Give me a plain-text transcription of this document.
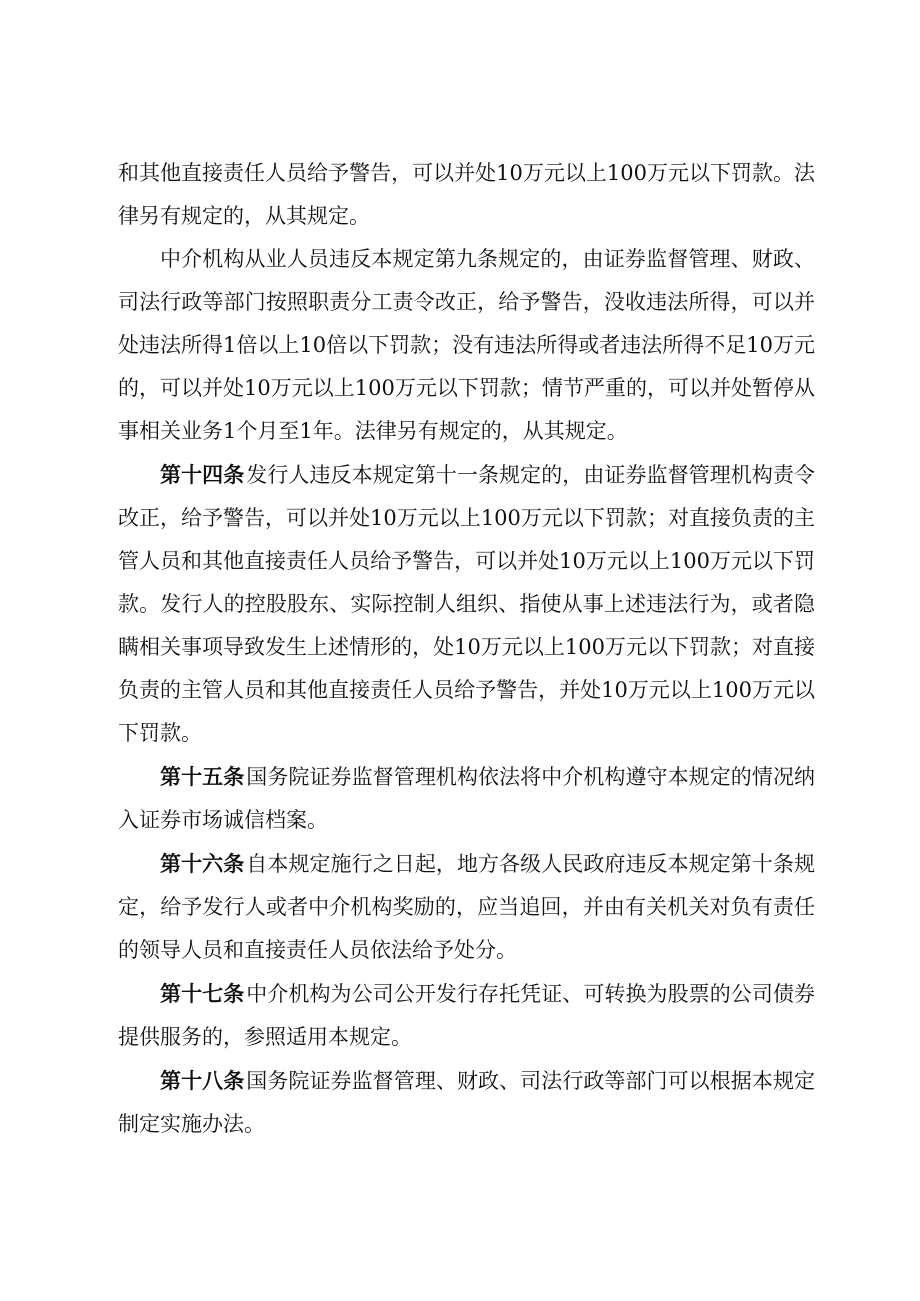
和其他直接责任人员给予警告，可以并处10万元以上100万元以下罚款。法律另有规定的，从其规定。

中介机构从业人员违反本规定第九条规定的，由证券监督管理、财政、司法行政等部门按照职责分工责令改正，给予警告，没收违法所得，可以并处违法所得1倍以上10倍以下罚款；没有违法所得或者违法所得不足10万元的，可以并处10万元以上100万元以下罚款；情节严重的，可以并处暂停从事相关业务1个月至1年。法律另有规定的，从其规定。

第十四条发行人违反本规定第十一条规定的，由证券监督管理机构责令改正，给予警告，可以并处10万元以上100万元以下罚款；对直接负责的主管人员和其他直接责任人员给予警告，可以并处10万元以上100万元以下罚款。发行人的控股股东、实际控制人组织、指使从事上述违法行为，或者隐瞒相关事项导致发生上述情形的，处10万元以上100万元以下罚款；对直接负责的主管人员和其他直接责任人员给予警告，并处10万元以上100万元以下罚款。

第十五条国务院证券监督管理机构依法将中介机构遵守本规定的情况纳入证券市场诚信档案。

第十六条自本规定施行之日起，地方各级人民政府违反本规定第十条规定，给予发行人或者中介机构奖励的，应当追回，并由有关机关对负有责任的领导人员和直接责任人员依法给予处分。

第十七条中介机构为公司公开发行存托凭证、可转换为股票的公司债券提供服务的，参照适用本规定。

第十八条国务院证券监督管理、财政、司法行政等部门可以根据本规定制定实施办法。
